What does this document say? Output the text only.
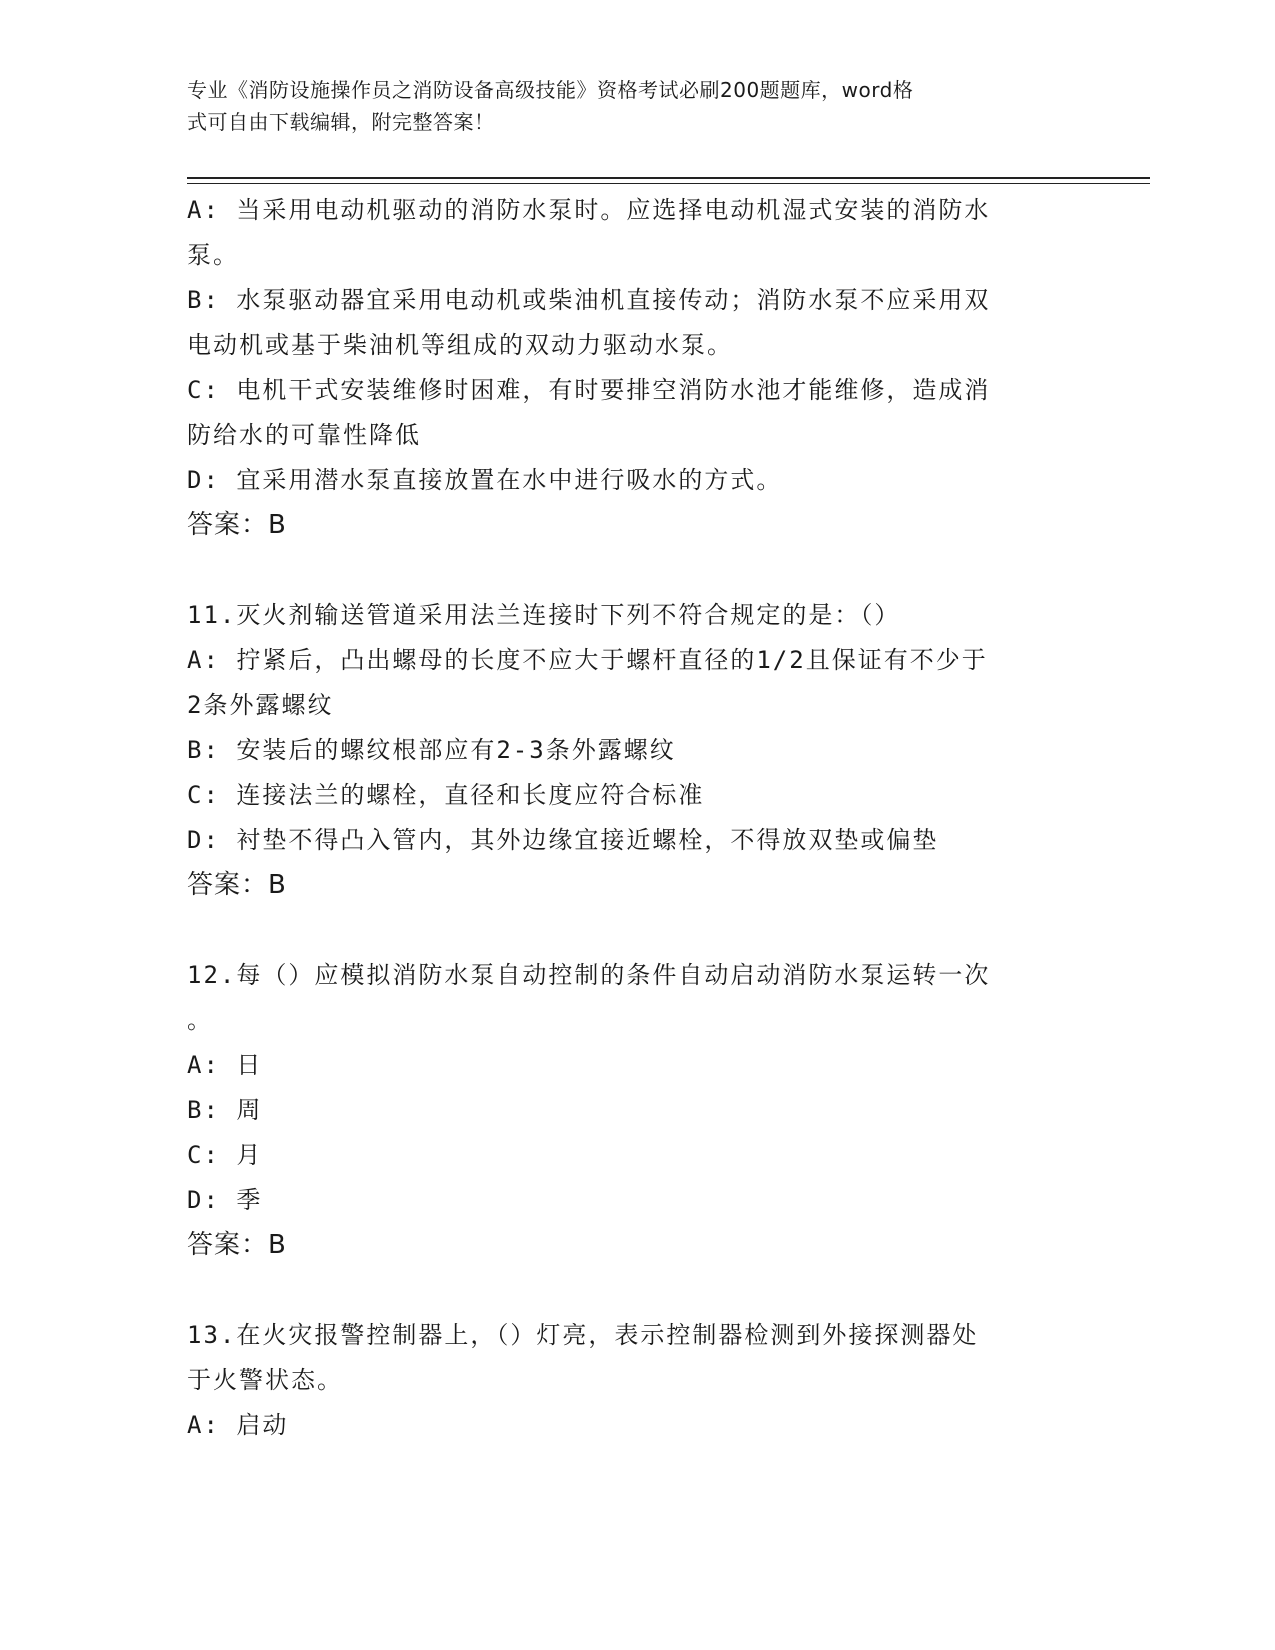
专业《消防设施操作员之消防设备高级技能》资格考试必刷200题题库，word格
式可自由下载编辑，附完整答案！
A: 当采用电动机驱动的消防水泵时。应选择电动机湿式安装的消防水
泵。
B: 水泵驱动器宜采用电动机或柴油机直接传动；消防水泵不应采用双
电动机或基于柴油机等组成的双动力驱动水泵。
C: 电机干式安装维修时困难，有时要排空消防水池才能维修，造成消
防给水的可靠性降低
D: 宜采用潜水泵直接放置在水中进行吸水的方式。
答案：B
11.灭火剂输送管道采用法兰连接时下列不符合规定的是：（）
A: 拧紧后，凸出螺母的长度不应大于螺杆直径的1/2且保证有不少于
2条外露螺纹
B: 安装后的螺纹根部应有2-3条外露螺纹
C: 连接法兰的螺栓，直径和长度应符合标准
D: 衬垫不得凸入管内，其外边缘宜接近螺栓，不得放双垫或偏垫
答案：B
12.每（）应模拟消防水泵自动控制的条件自动启动消防水泵运转一次
。
A: 日
B: 周
C: 月
D: 季
答案：B
13.在火灾报警控制器上，（）灯亮，表示控制器检测到外接探测器处
于火警状态。
A: 启动
